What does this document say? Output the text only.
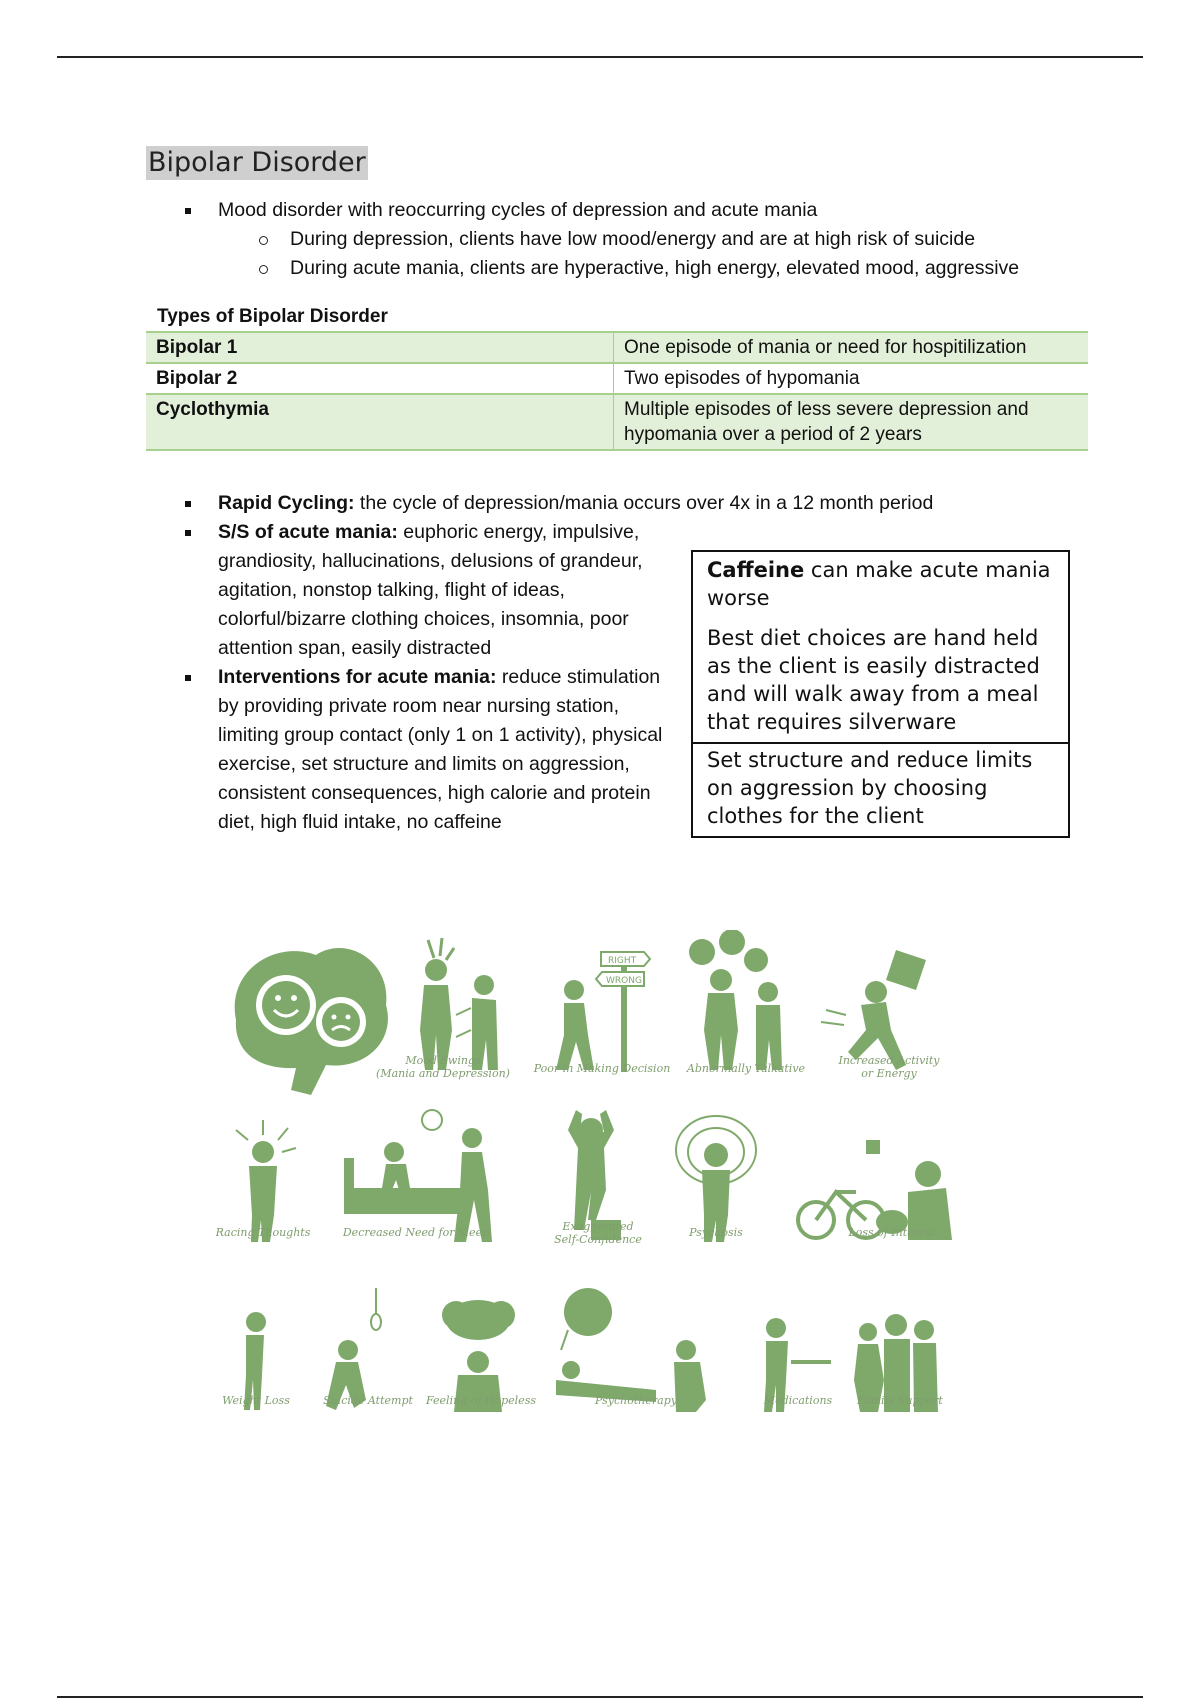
Bipolar Disorder
Mood disorder with reoccurring cycles of depression and acute mania
During depression, clients have low mood/energy and are at high risk of suicide
During acute mania, clients are hyperactive, high energy, elevated mood, aggressive
Types of Bipolar Disorder
Bipolar 1	One episode of mania or need for hospitilization
Bipolar 2	Two episodes of hypomania
Cyclothymia	Multiple episodes of less severe depression and hypomania over a period of 2 years
Rapid Cycling: the cycle of depression/mania occurs over 4x in a 12 month period
S/S of acute mania: euphoric energy, impulsive, grandiosity, hallucinations, delusions of grandeur, agitation, nonstop talking, flight of ideas, colorful/bizarre clothing choices, insomnia, poor attention span, easily distracted
Interventions for acute mania: reduce stimulation by providing private room near nursing station, limiting group contact (only 1 on 1 activity), physical exercise, set structure and limits on aggression, consistent consequences, high calorie and protein diet, high fluid intake, no caffeine

Caffeine can make acute mania worse

Best diet choices are hand held as the client is easily distracted and will walk away from a meal that requires silverware

Set structure and reduce limits on aggression by choosing clothes for the client
RIGHT
WRONG
Mood Swings
(Mania and Depression) Poor in Making Decision Abnormally Talkative
Increased Activity
or Energy
Racing Thoughts	Decreased Need for Sleep	Exaggerated
Self-Confidence
Psychosis	Loss of Interest
Weight Loss	Suicide Attempt Feeling of Hopeless	Psychotherapy	Medications Family Support
